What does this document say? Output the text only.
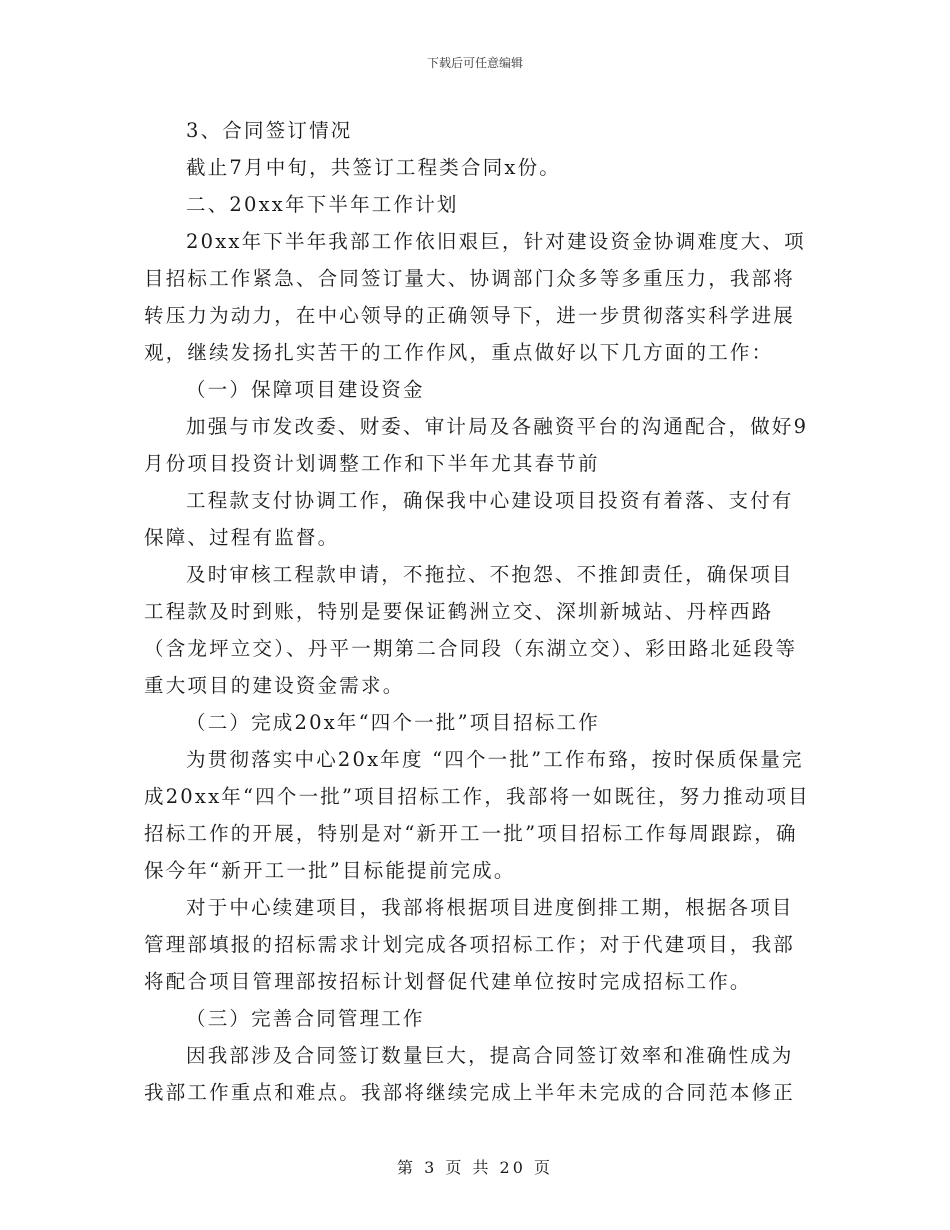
下载后可任意编辑

3、合同签订情况

截止7月中旬，共签订工程类合同x份。

二、20xx年下半年工作计划

20xx年下半年我部工作依旧艰巨，针对建设资金协调难度大、项目招标工作紧急、合同签订量大、协调部门众多等多重压力，我部将转压力为动力，在中心领导的正确领导下，进一步贯彻落实科学进展观，继续发扬扎实苦干的工作作风，重点做好以下几方面的工作：

（一）保障项目建设资金

加强与市发改委、财委、审计局及各融资平台的沟通配合，做好9月份项目投资计划调整工作和下半年尤其春节前

工程款支付协调工作，确保我中心建设项目投资有着落、支付有保障、过程有监督。

及时审核工程款申请，不拖拉、不抱怨、不推卸责任，确保项目工程款及时到账，特别是要保证鹤洲立交、深圳新城站、丹梓西路（含龙坪立交）、丹平一期第二合同段（东湖立交）、彩田路北延段等重大项目的建设资金需求。

（二）完成20x年“四个一批”项目招标工作

为贯彻落实中心20x年度 “四个一批”工作布臵，按时保质保量完成20xx年“四个一批”项目招标工作，我部将一如既往，努力推动项目招标工作的开展，特别是对“新开工一批”项目招标工作每周跟踪，确保今年“新开工一批”目标能提前完成。

对于中心续建项目，我部将根据项目进度倒排工期，根据各项目管理部填报的招标需求计划完成各项招标工作；对于代建项目，我部将配合项目管理部按招标计划督促代建单位按时完成招标工作。

（三）完善合同管理工作

因我部涉及合同签订数量巨大，提高合同签订效率和准确性成为我部工作重点和难点。我部将继续完成上半年未完成的合同范本修正

第 3 页 共 20 页
